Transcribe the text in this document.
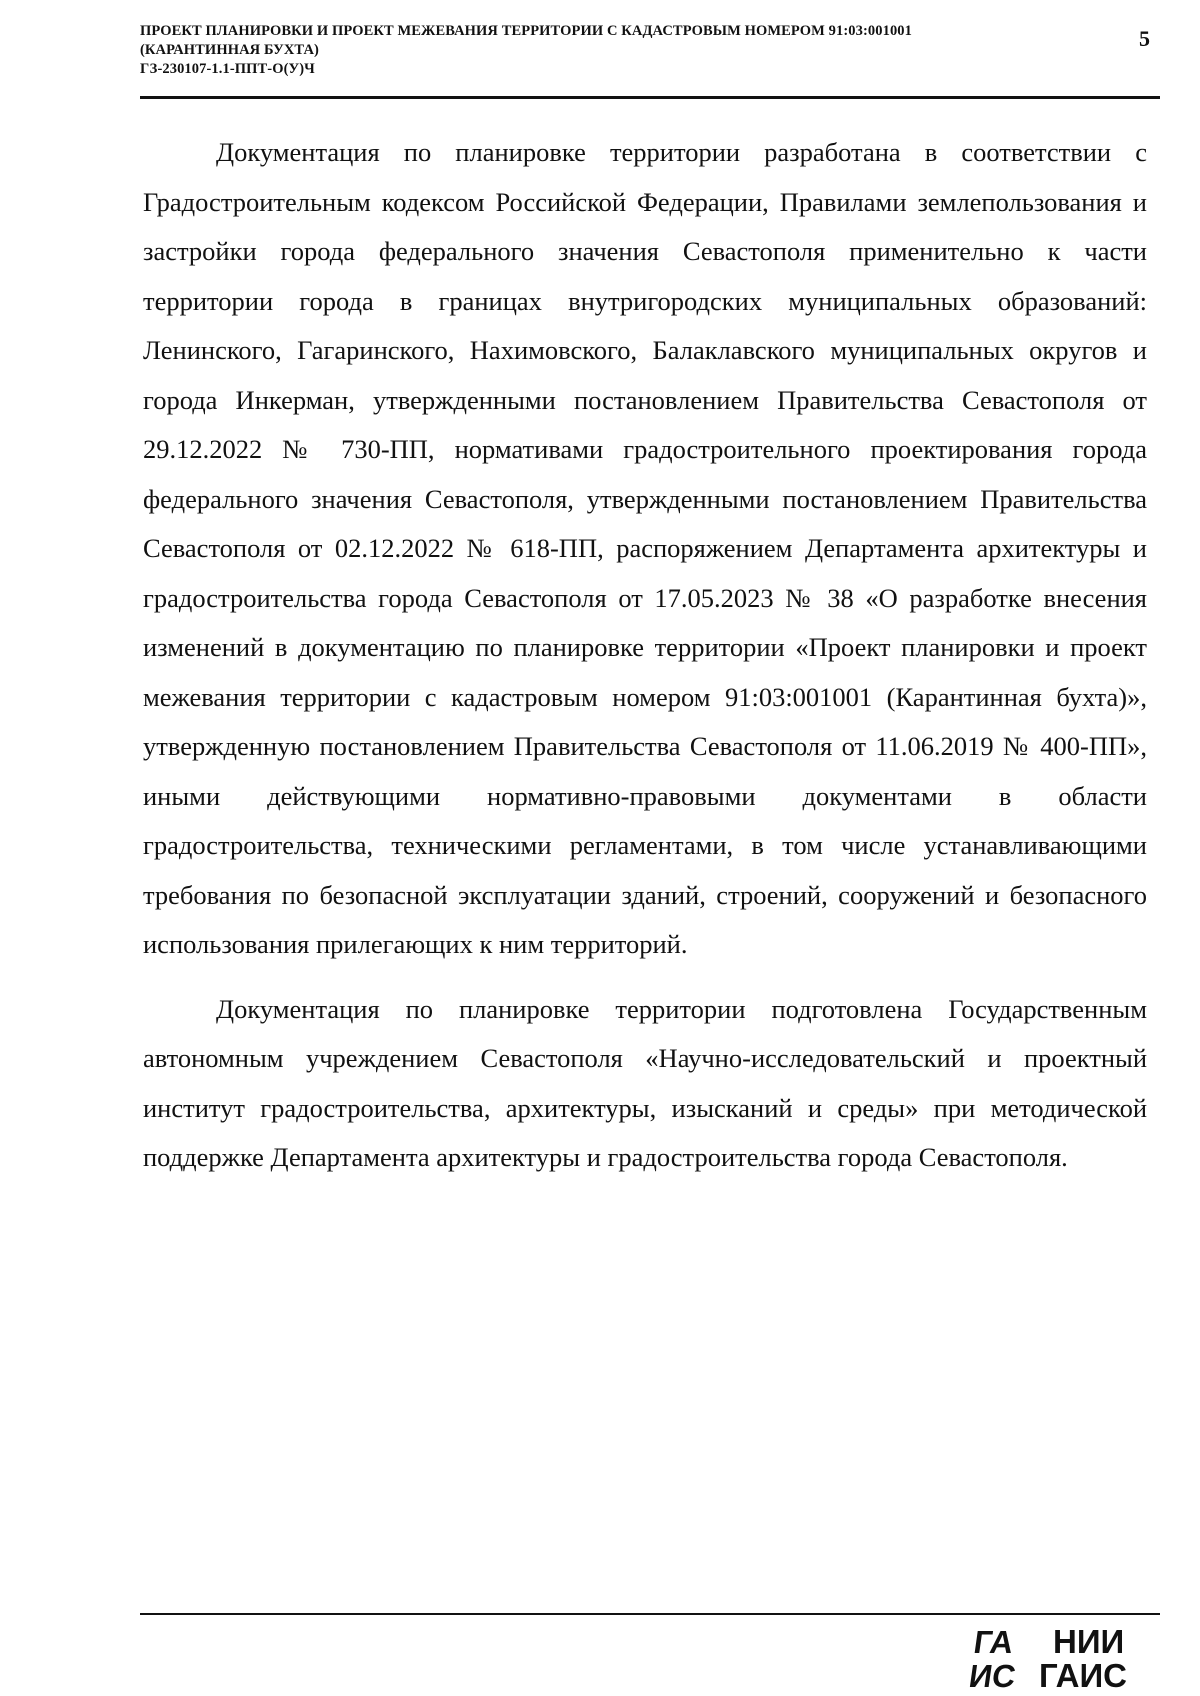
ПРОЕКТ ПЛАНИРОВКИ И ПРОЕКТ МЕЖЕВАНИЯ ТЕРРИТОРИИ С КАДАСТРОВЫМ НОМЕРОМ 91:03:001001
(КАРАНТИННАЯ БУХТА)
ГЗ-230107-1.1-ППТ-О(У)Ч
5

Документация по планировке территории разработана в соответствии с Градостроительным кодексом Российской Федерации, Правилами землепользования и застройки города федерального значения Севастополя применительно к части территории города в границах внутригородских муниципальных образований: Ленинского, Гагаринского, Нахимовского, Балаклавского муниципальных округов и города Инкерман, утвержденными постановлением Правительства Севастополя от 29.12.2022 № 730-ПП, нормативами градостроительного проектирования города федерального значения Севастополя, утвержденными постановлением Правительства Севастополя от 02.12.2022 № 618-ПП, распоряжением Департамента архитектуры и градостроительства города Севастополя от 17.05.2023 № 38 «О разработке внесения изменений в документацию по планировке территории «Проект планировки и проект межевания территории с кадастровым номером 91:03:001001 (Карантинная бухта)», утвержденную постановлением Правительства Севастополя от 11.06.2019 № 400-ПП», иными действующими нормативно-правовыми документами в области градостроительства, техническими регламентами, в том числе устанавливающими требования по безопасной эксплуатации зданий, строений, сооружений и безопасного использования прилегающих к ним территорий.

Документация по планировке территории подготовлена Государственным автономным учреждением Севастополя «Научно-исследовательский и проектный институт градостроительства, архитектуры, изысканий и среды» при методической поддержке Департамента архитектуры и градостроительства города Севастополя.

ГА
ИС
НИИ
ГАИС
